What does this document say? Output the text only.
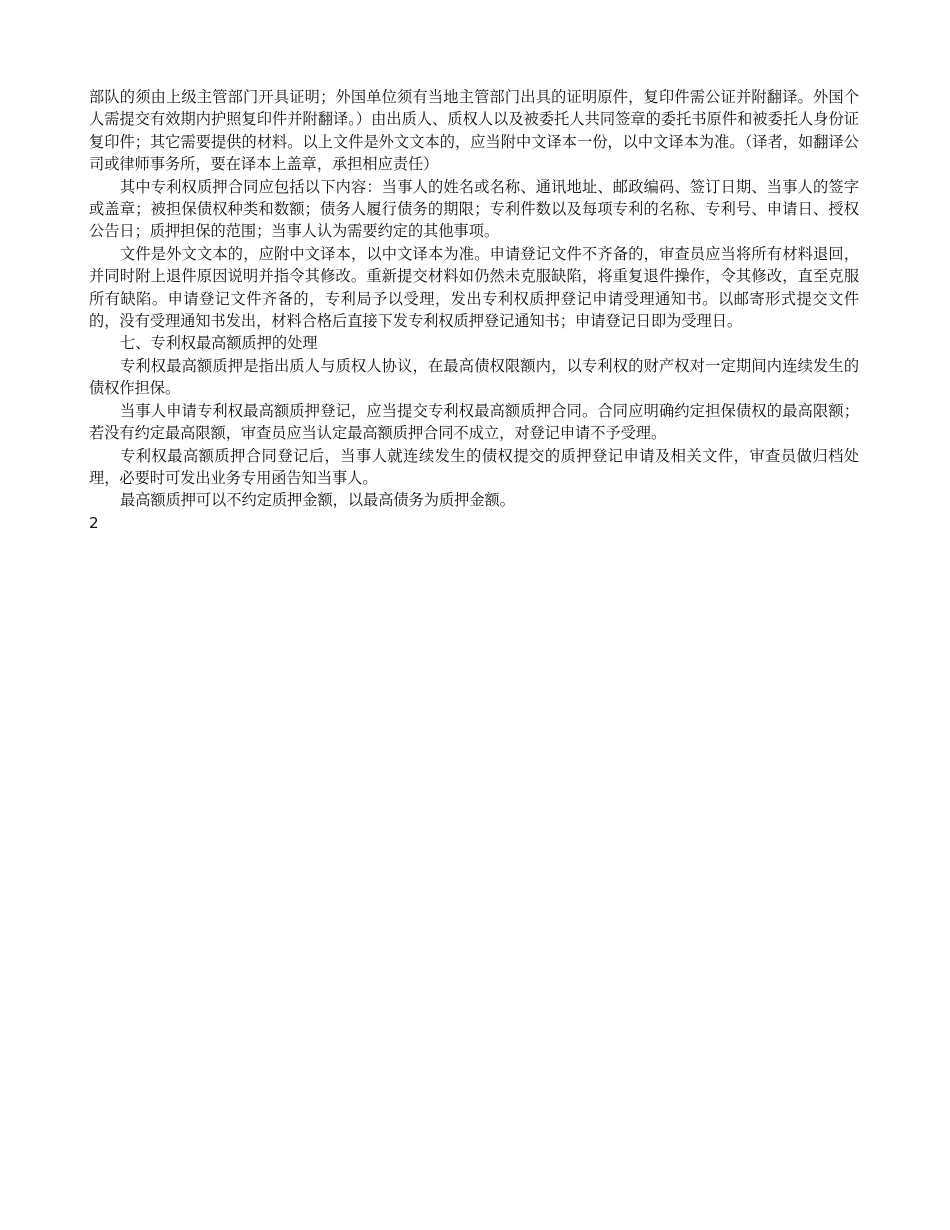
部队的须由上级主管部门开具证明；外国单位须有当地主管部门出具的证明原件，复印件需公证并附翻译。外国个人需提交有效期内护照复印件并附翻译。）由出质人、质权人以及被委托人共同签章的委托书原件和被委托人身份证复印件；其它需要提供的材料。以上文件是外文文本的，应当附中文译本一份，以中文译本为准。（译者，如翻译公司或律师事务所，要在译本上盖章，承担相应责任）

其中专利权质押合同应包括以下内容：当事人的姓名或名称、通讯地址、邮政编码、签订日期、当事人的签字或盖章；被担保债权种类和数额；债务人履行债务的期限；专利件数以及每项专利的名称、专利号、申请日、授权公告日；质押担保的范围；当事人认为需要约定的其他事项。

文件是外文文本的，应附中文译本，以中文译本为准。申请登记文件不齐备的，审查员应当将所有材料退回，并同时附上退件原因说明并指令其修改。重新提交材料如仍然未克服缺陷，将重复退件操作，令其修改，直至克服所有缺陷。申请登记文件齐备的，专利局予以受理，发出专利权质押登记申请受理通知书。以邮寄形式提交文件的，没有受理通知书发出，材料合格后直接下发专利权质押登记通知书；申请登记日即为受理日。

七、专利权最高额质押的处理

专利权最高额质押是指出质人与质权人协议，在最高债权限额内，以专利权的财产权对一定期间内连续发生的债权作担保。

当事人申请专利权最高额质押登记，应当提交专利权最高额质押合同。合同应明确约定担保债权的最高限额；若没有约定最高限额，审查员应当认定最高额质押合同不成立，对登记申请不予受理。

专利权最高额质押合同登记后，当事人就连续发生的债权提交的质押登记申请及相关文件，审查员做归档处理，必要时可发出业务专用函告知当事人。

最高额质押可以不约定质押金额，以最高债务为质押金额。

2
